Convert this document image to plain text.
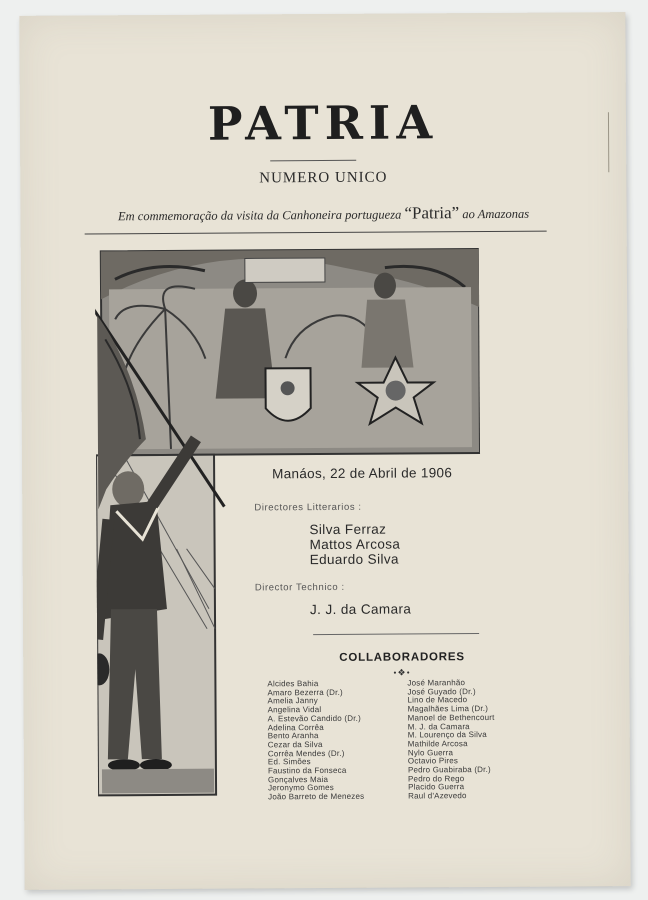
PATRIA
NUMERO UNICO
Em commemoração da visita da Canhoneira portugueza “Patria” ao Amazonas
Manáos, 22 de Abril de 1906
Directores Litterarios :
Silva Ferraz
Mattos Arcosa
Eduardo Silva
Director Technico :
J. J. da Camara
COLLABORADORES
•❖•
Alcides Bahia
Amaro Bezerra (Dr.)
Amelia Janny
Angelina Vidal
A. Estevão Candido (Dr.)
Adelina Corrêa
Bento Aranha
Cezar da Silva
Corrêa Mendes (Dr.)
Ed. Simões
Faustino da Fonseca
Gonçalves Maia
Jeronymo Gomes
João Barreto de Menezes
José Maranhão
José Guyado (Dr.)
Lino de Macedo
Magalhães Lima (Dr.)
Manoel de Bethencourt
M. J. da Camara
M. Lourenço da Silva
Mathilde Arcosa
Nylo Guerra
Octavio Pires
Pedro Guabiraba (Dr.)
Pedro do Rego
Placido Guerra
Raul d'Azevedo
